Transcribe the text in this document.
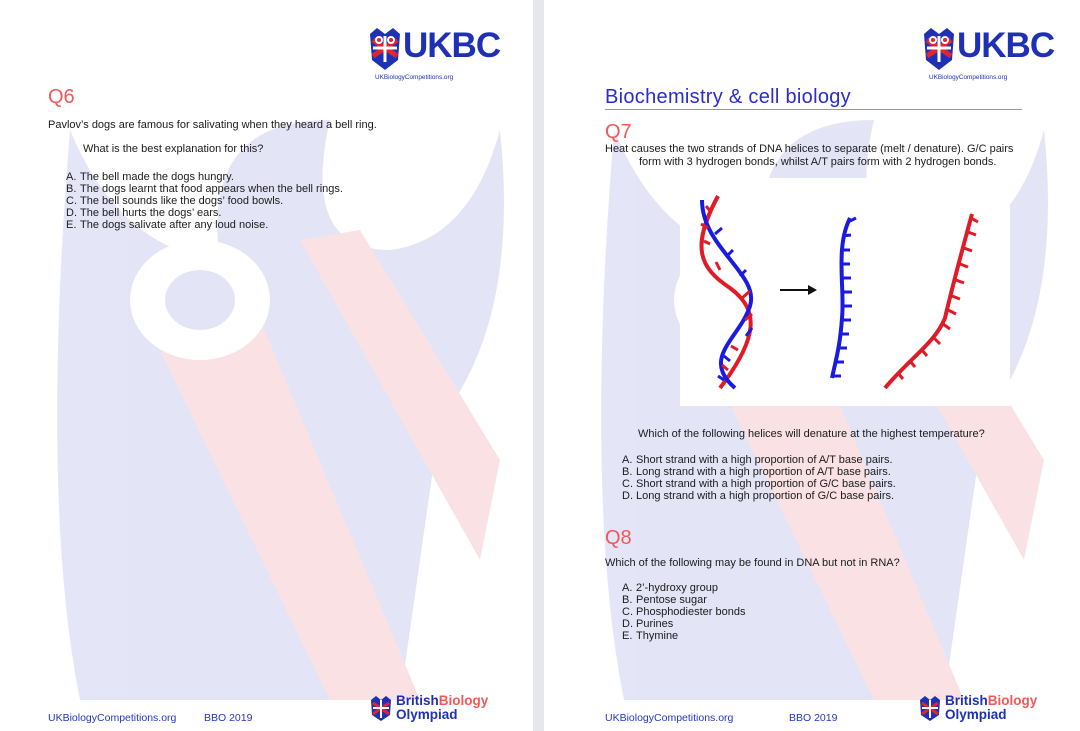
UKBC
UKBiologyCompetitions.org
Q6
Pavlov’s dogs are famous for salivating when they heard a bell ring.
What is the best explanation for this?
A. The bell made the dogs hungry.
B. The dogs learnt that food appears when the bell rings.
C. The bell sounds like the dogs’ food bowls.
D. The bell hurts the dogs’ ears.
E. The dogs salivate after any loud noise.
UKBiologyCompetitions.org	BBO 2019
BritishBiology
Olympiad
UKBC
UKBiologyCompetitions.org
Biochemistry & cell biology
Q7
Heat causes the two strands of DNA helices to separate (melt / denature). G/C pairs
form with 3 hydrogen bonds, whilst A/T pairs form with 2 hydrogen bonds.
Which of the following helices will denature at the highest temperature?
A. Short strand with a high proportion of A/T base pairs.
B. Long strand with a high proportion of A/T base pairs.
C. Short strand with a high proportion of G/C base pairs.
D. Long strand with a high proportion of G/C base pairs.
Q8
Which of the following may be found in DNA but not in RNA?
A. 2’-hydroxy group
B. Pentose sugar
C. Phosphodiester bonds
D. Purines
E. Thymine
UKBiologyCompetitions.org	BBO 2019
BritishBiology
Olympiad
